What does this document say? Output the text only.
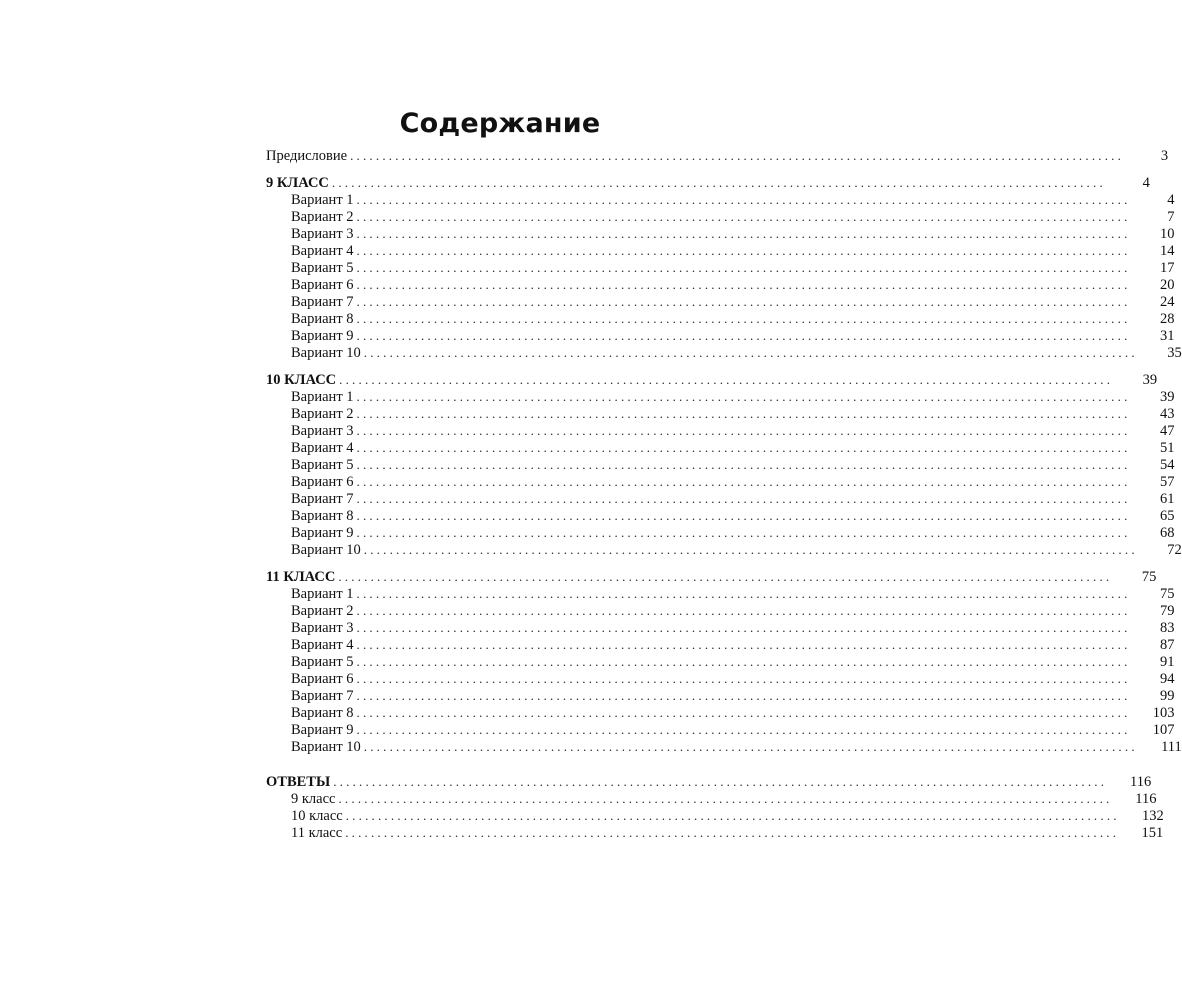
Содержание
Предисловие ........................................................................................................................	3
9 КЛАСС ........................................................................................................................	4
Вариант 1 ........................................................................................................................	4
Вариант 2 ........................................................................................................................	7
Вариант 3 ........................................................................................................................	10
Вариант 4 ........................................................................................................................	14
Вариант 5 ........................................................................................................................	17
Вариант 6 ........................................................................................................................	20
Вариант 7 ........................................................................................................................	24
Вариант 8 ........................................................................................................................	28
Вариант 9 ........................................................................................................................	31
Вариант 10 ........................................................................................................................	35
10 КЛАСС ........................................................................................................................	39
Вариант 1 ........................................................................................................................	39
Вариант 2 ........................................................................................................................	43
Вариант 3 ........................................................................................................................	47
Вариант 4 ........................................................................................................................	51
Вариант 5 ........................................................................................................................	54
Вариант 6 ........................................................................................................................	57
Вариант 7 ........................................................................................................................	61
Вариант 8 ........................................................................................................................	65
Вариант 9 ........................................................................................................................	68
Вариант 10 ........................................................................................................................	72
11 КЛАСС ........................................................................................................................	75
Вариант 1 ........................................................................................................................	75
Вариант 2 ........................................................................................................................	79
Вариант 3 ........................................................................................................................	83
Вариант 4 ........................................................................................................................	87
Вариант 5 ........................................................................................................................	91
Вариант 6 ........................................................................................................................	94
Вариант 7 ........................................................................................................................	99
Вариант 8 ........................................................................................................................	103
Вариант 9 ........................................................................................................................	107
Вариант 10 ........................................................................................................................	111
ОТВЕТЫ ........................................................................................................................	116
9 класс ........................................................................................................................	116
10 класс ........................................................................................................................	132
11 класс ........................................................................................................................	151
